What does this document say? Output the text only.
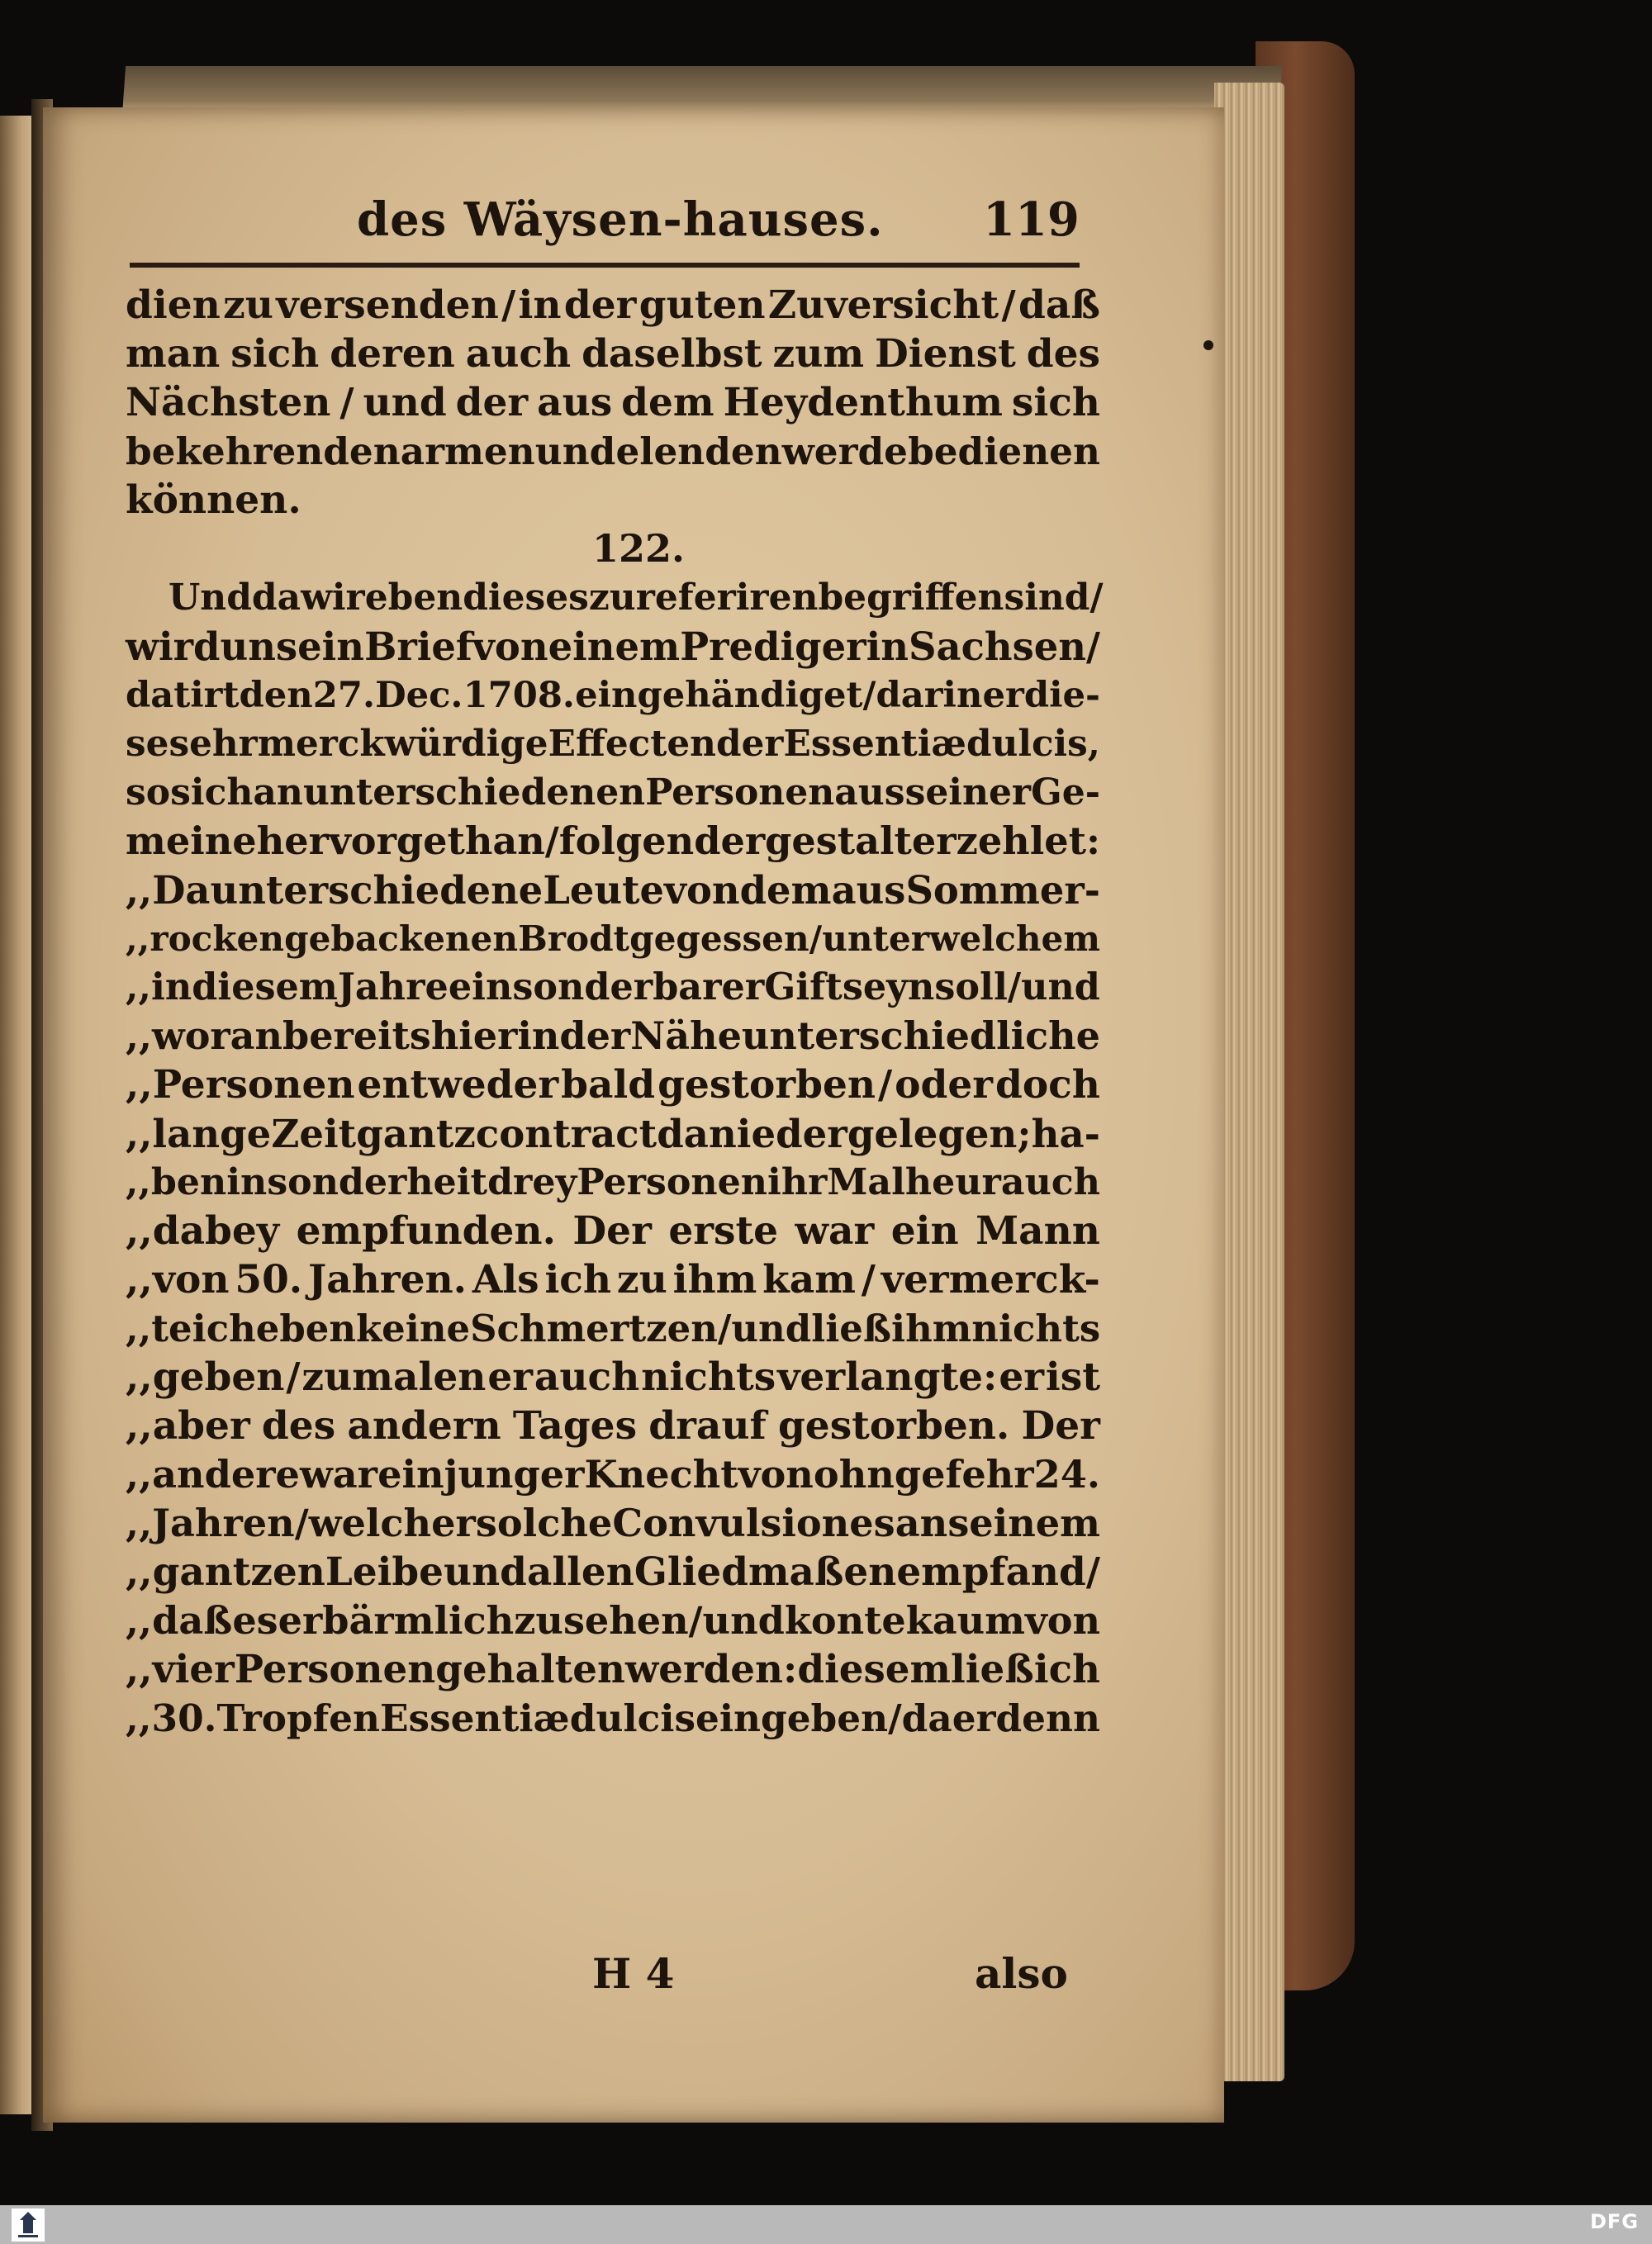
des Wäysen-hauses. 119
dien zu versenden / in der guten Zuversicht / daß
man sich deren auch daselbst zum Dienst des
Nächsten / und der aus dem Heydenthum sich
bekehrenden armen und elenden werde bedienen
können.
122.
Und da wir eben dieses zu referiren begriffen sind /
wird uns ein Brief von einem Prediger in Sachsen /
datirt den 27. Dec. 1708. eingehändiget / darin er die-
se sehr merckwürdige Effecten der Essentiæ dulcis,
so sich an unterschiedenen Personen aus seiner Ge-
meine hervorgethan / folgendergestalt erzehlet:
,,Da unterschiedene Leute von dem aus Sommer-
,,rocken gebackenen Brodt gegessen / unter welchem
,,in diesem Jahre ein sonderbarer Gift seyn soll / und
,,woran bereits hier in der Nähe unterschiedliche
,,Personen entweder bald gestorben / oder doch
,,lange Zeit gantz contract danieder gelegen; ha-
,,ben insonderheit drey Personen ihr Malheur auch
,,dabey empfunden. Der erste war ein Mann
,,von 50. Jahren. Als ich zu ihm kam / vermerck-
,,te ich eben keine Schmertzen / und ließ ihm nichts
,,geben / zumalen er auch nichts verlangte: er ist
,,aber des andern Tages drauf gestorben. Der
,,andere war ein junger Knecht von ohngefehr 24.
,,Jahren / welcher solche Convulsiones an seinem
,,gantzen Leibe und allen Gliedmaßen empfand /
,,daß es erbärmlich zu sehen / und konte kaum von
,,vier Personen gehalten werden: diesem ließ ich
,,30. Tropfen Essentiæ dulcis eingeben / da er denn
H 4	also
DFG
